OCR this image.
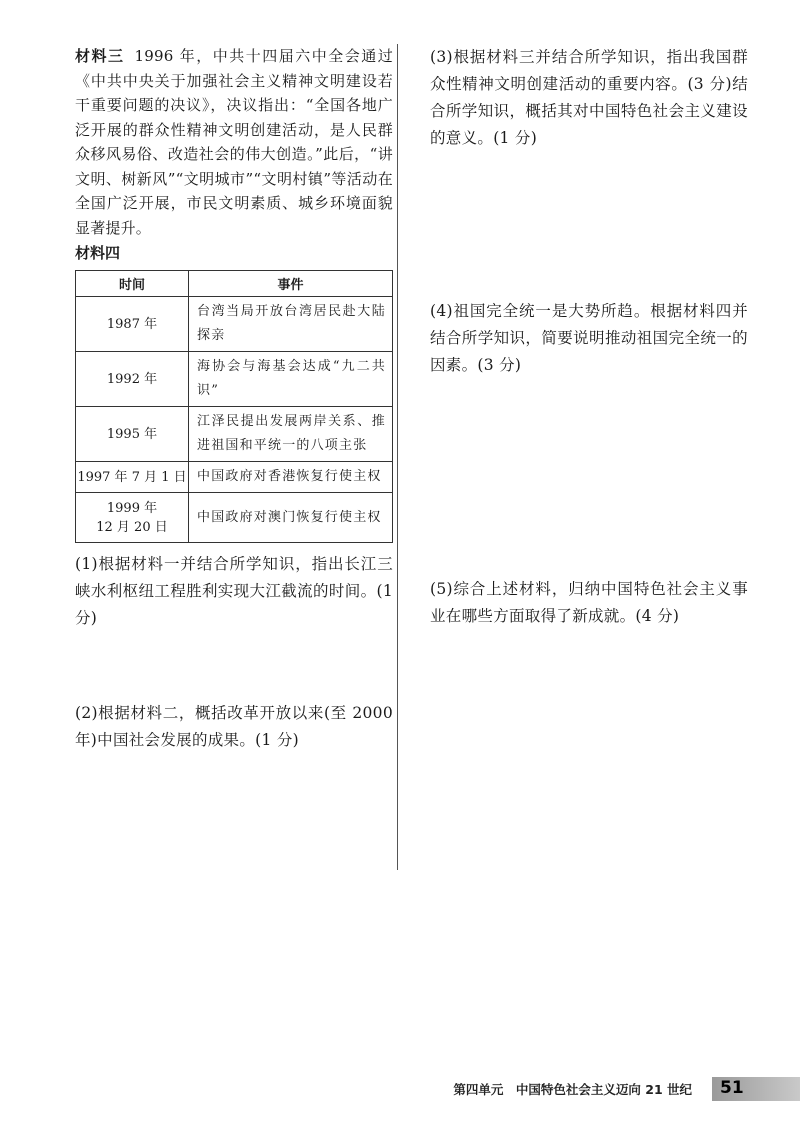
材料三 1996 年，中共十四届六中全会通过《中共中央关于加强社会主义精神文明建设若干重要问题的决议》，决议指出：“全国各地广泛开展的群众性精神文明创建活动，是人民群众移风易俗、改造社会的伟大创造。”此后，“讲文明、树新风”“文明城市”“文明村镇”等活动在全国广泛开展，市民文明素质、城乡环境面貌显著提升。

材料四
时间	事件
1987 年	台湾当局开放台湾居民赴大陆探亲
1992 年	海协会与海基会达成“九二共识”
1995 年	江泽民提出发展两岸关系、推进祖国和平统一的八项主张
1997 年 7 月 1 日	中国政府对香港恢复行使主权

1999 年
12 月 20 日	中国政府对澳门恢复行使主权

(1)根据材料一并结合所学知识，指出长江三峡水利枢纽工程胜利实现大江截流的时间。(1 分)

(2)根据材料二，概括改革开放以来(至 2000 年)中国社会发展的成果。(1 分)

(3)根据材料三并结合所学知识，指出我国群众性精神文明创建活动的重要内容。(3 分)结合所学知识，概括其对中国特色社会主义建设的意义。(1 分)

(4)祖国完全统一是大势所趋。根据材料四并结合所学知识，简要说明推动祖国完全统一的因素。(3 分)

(5)综合上述材料，归纳中国特色社会主义事业在哪些方面取得了新成就。(4 分)

第四单元　中国特色社会主义迈向 21 世纪 51
